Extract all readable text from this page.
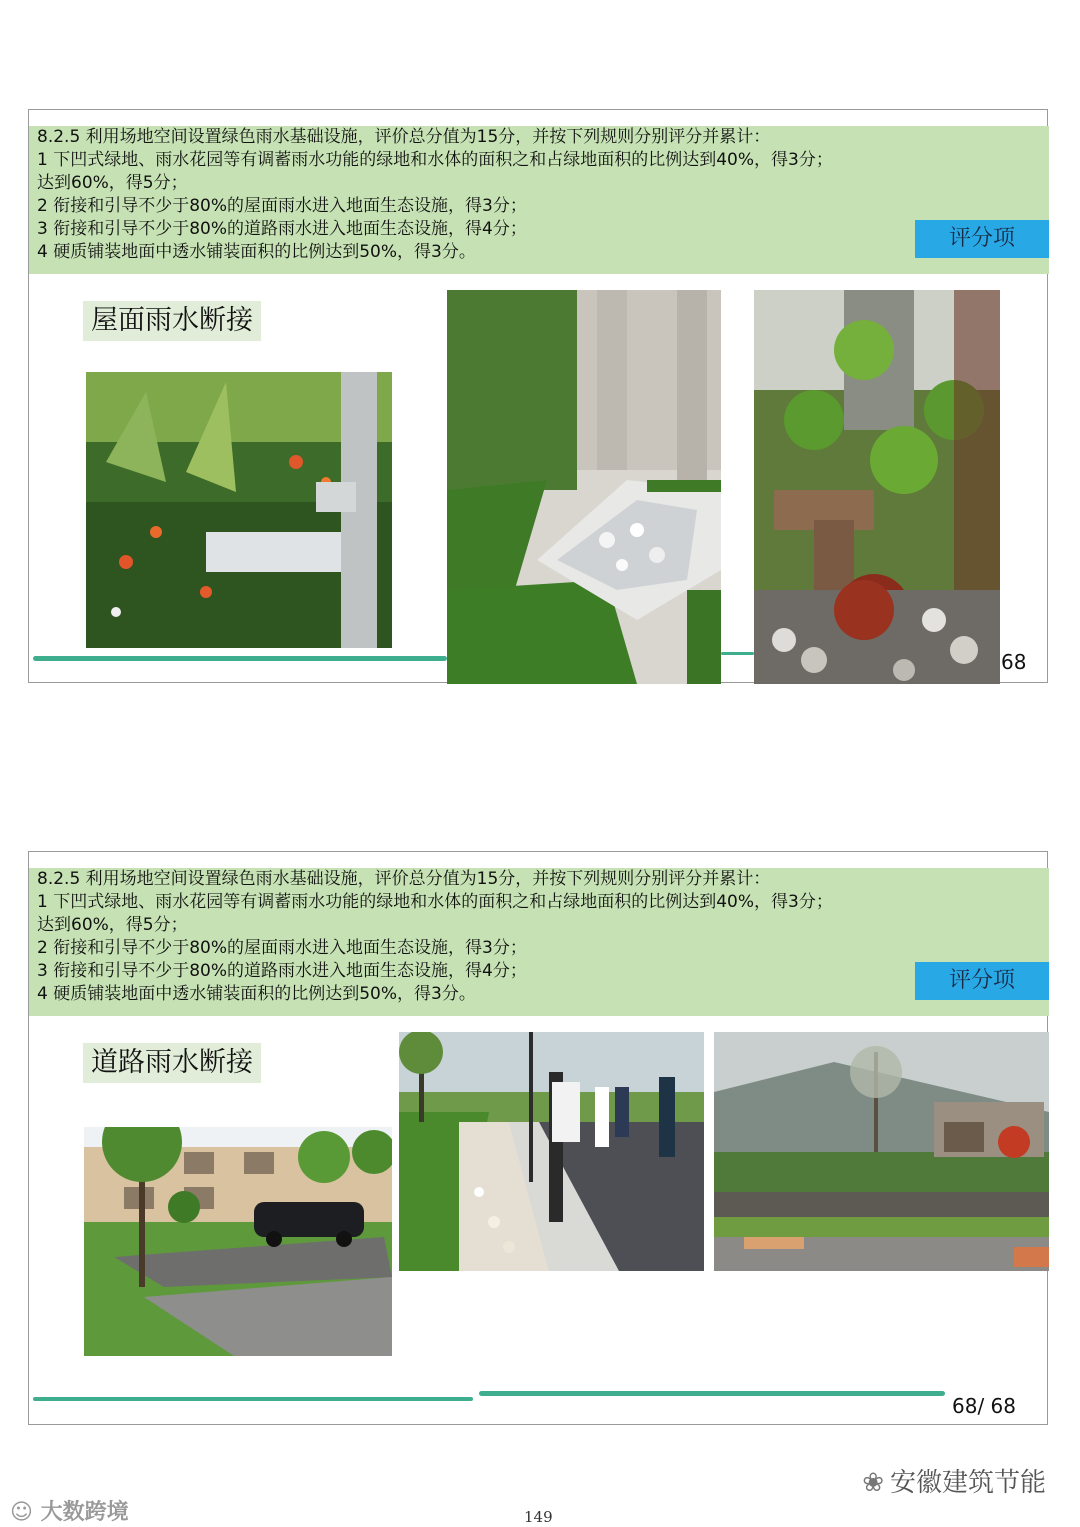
8.2.5 利用场地空间设置绿色雨水基础设施，评价总分值为15分，并按下列规则分别评分并累计：
1 下凹式绿地、雨水花园等有调蓄雨水功能的绿地和水体的面积之和占绿地面积的比例达到40%，得3分；
达到60%，得5分；
2 衔接和引导不少于80%的屋面雨水进入地面生态设施，得3分；
3 衔接和引导不少于80%的道路雨水进入地面生态设施，得4分；
4 硬质铺装地面中透水铺装面积的比例达到50%，得3分。
评分项
屋面雨水断接
68
8.2.5 利用场地空间设置绿色雨水基础设施，评价总分值为15分，并按下列规则分别评分并累计：
1 下凹式绿地、雨水花园等有调蓄雨水功能的绿地和水体的面积之和占绿地面积的比例达到40%，得3分；
达到60%，得5分；
2 衔接和引导不少于80%的屋面雨水进入地面生态设施，得3分；
3 衔接和引导不少于80%的道路雨水进入地面生态设施，得4分；
4 硬质铺装地面中透水铺装面积的比例达到50%，得3分。
评分项
道路雨水断接
68/ 68
❀ 安徽建筑节能
☺ 大数跨境	149
